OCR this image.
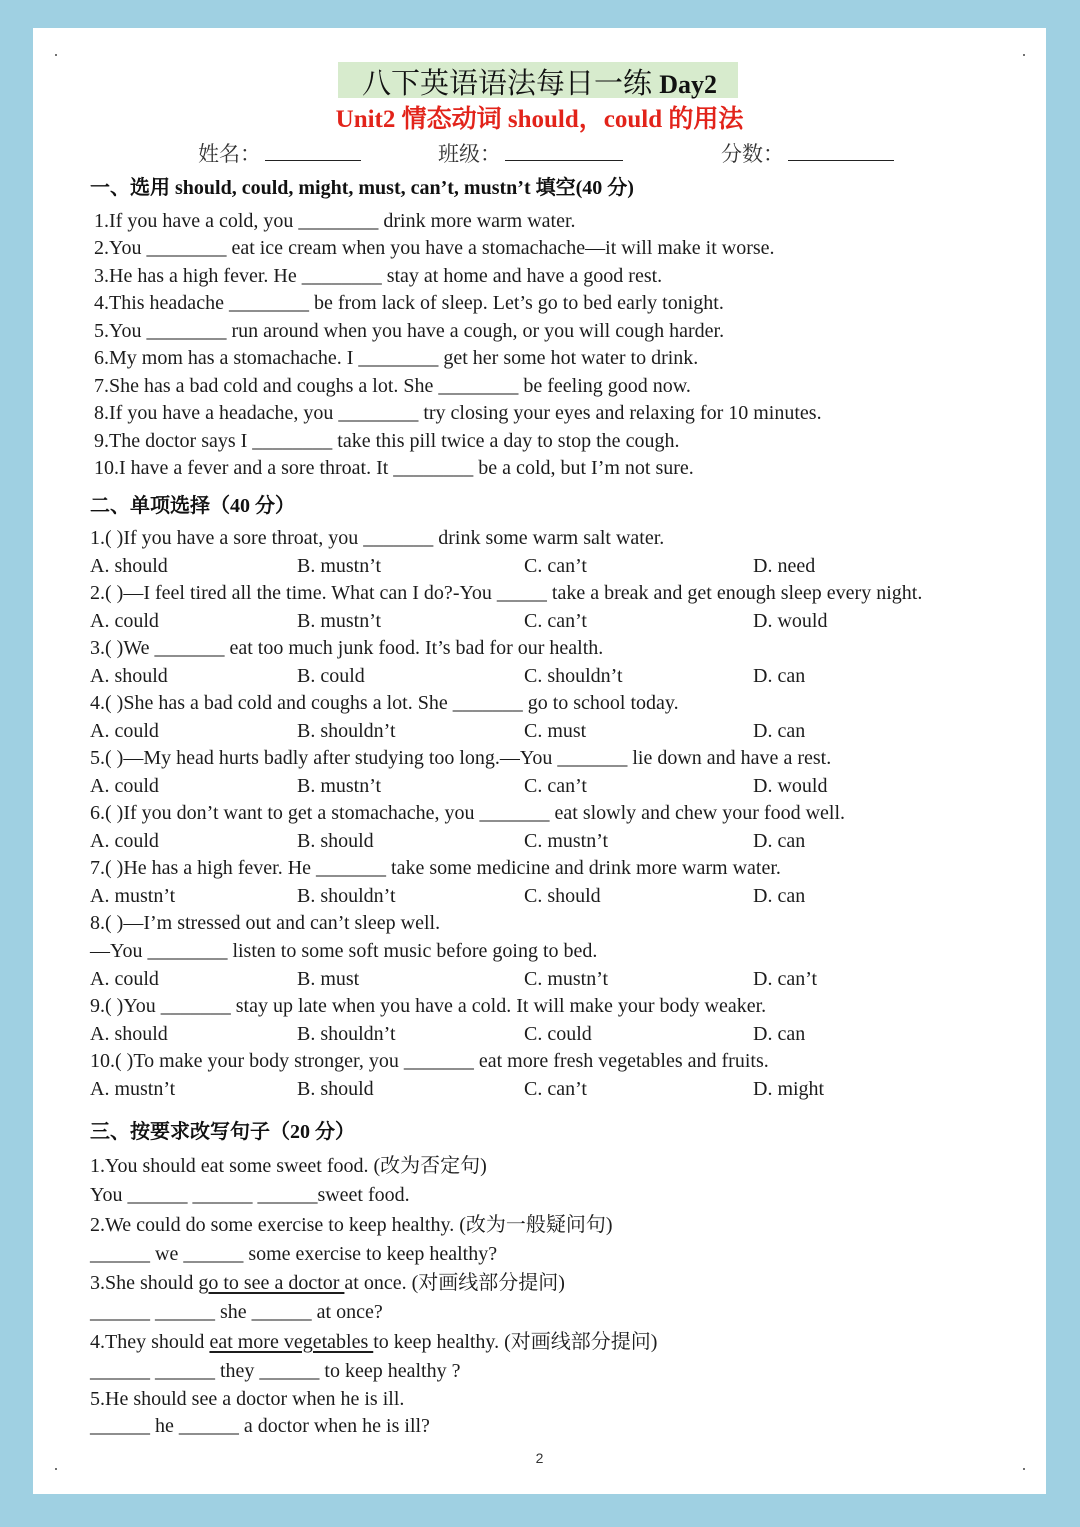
八下英语语法每日一练 Day2
Unit2 情态动词 should，could 的用法
姓名：	班级：	分数：
一、选用 should, could, might, must, can’t, mustn’t 填空(40 分)
1.If you have a cold, you ________ drink more warm water.
2.You ________ eat ice cream when you have a stomachache—it will make it worse.
3.He has a high fever. He ________ stay at home and have a good rest.
4.This headache ________ be from lack of sleep. Let’s go to bed early tonight.
5.You ________ run around when you have a cough, or you will cough harder.
6.My mom has a stomachache. I ________ get her some hot water to drink.
7.She has a bad cold and coughs a lot. She ________ be feeling good now.
8.If you have a headache, you ________ try closing your eyes and relaxing for 10 minutes.
9.The doctor says I ________ take this pill twice a day to stop the cough.
10.I have a fever and a sore throat. It ________ be a cold, but I’m not sure.
二、单项选择（40 分）
1.( )If you have a sore throat, you _______ drink some warm salt water.
A. should	B. mustn’t	C. can’t	D. need
2.( )—I feel tired all the time. What can I do?-You _____ take a break and get enough sleep every night.
A. could	B. mustn’t	C. can’t	D. would
3.( )We _______ eat too much junk food. It’s bad for our health.
A. should	B. could	C. shouldn’t	D. can
4.( )She has a bad cold and coughs a lot. She _______ go to school today.
A. could	B. shouldn’t	C. must	D. can
5.( )—My head hurts badly after studying too long.—You _______ lie down and have a rest.
A. could	B. mustn’t	C. can’t	D. would
6.( )If you don’t want to get a stomachache, you _______ eat slowly and chew your food well.
A. could	B. should	C. mustn’t	D. can
7.( )He has a high fever. He _______ take some medicine and drink more warm water.
A. mustn’t	B. shouldn’t	C. should	D. can
8.( )—I’m stressed out and can’t sleep well.
—You ________ listen to some soft music before going to bed.
A. could	B. must	C. mustn’t	D. can’t
9.( )You _______ stay up late when you have a cold. It will make your body weaker.
A. should	B. shouldn’t	C. could	D. can
10.( )To make your body stronger, you _______ eat more fresh vegetables and fruits.
A. mustn’t	B. should	C. can’t	D. might
三、按要求改写句子（20 分）
1.You should eat some sweet food. (改为否定句)
You ______ ______ ______sweet food.
2.We could do some exercise to keep healthy. (改为一般疑问句)
______ we ______ some exercise to keep healthy?
3.She should go to see a doctor at once. (对画线部分提问)
______ ______ she ______ at once?
4.They should eat more vegetables to keep healthy. (对画线部分提问)
______ ______ they ______ to keep healthy ?
5.He should see a doctor when he is ill.
______ he ______ a doctor when he is ill?
2
